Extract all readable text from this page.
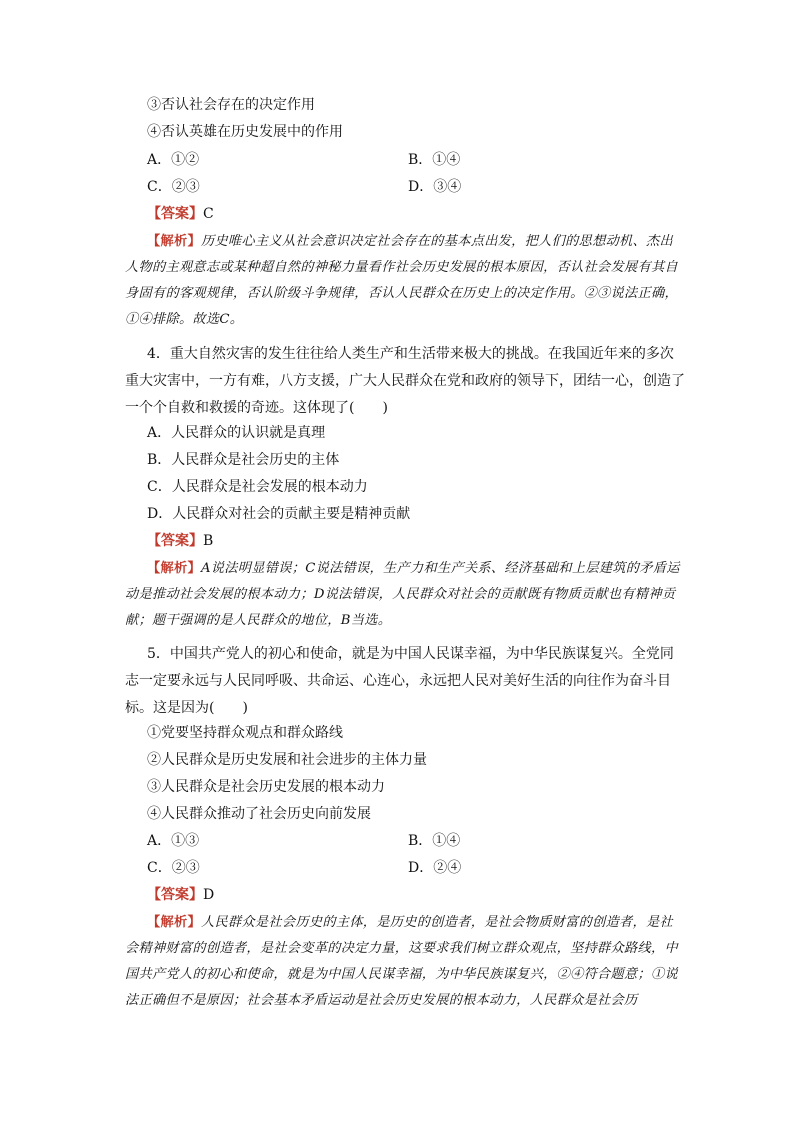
③否认社会存在的决定作用
④否认英雄在历史发展中的作用
A．①②	B．①④
C．②③	D．③④
【答案】C
【解析】历史唯心主义从社会意识决定社会存在的基本点出发，把人们的思想动机、杰出人物的主观意志或某种超自然的神秘力量看作社会历史发展的根本原因，否认社会发展有其自身固有的客观规律，否认阶级斗争规律，否认人民群众在历史上的决定作用。②③说法正确，①④排除。故选C。
4．重大自然灾害的发生往往给人类生产和生活带来极大的挑战。在我国近年来的多次重大灾害中，一方有难，八方支援，广大人民群众在党和政府的领导下，团结一心，创造了一个个自救和救援的奇迹。这体现了(　　)
A．人民群众的认识就是真理
B．人民群众是社会历史的主体
C．人民群众是社会发展的根本动力
D．人民群众对社会的贡献主要是精神贡献
【答案】B
【解析】A说法明显错误；C说法错误，生产力和生产关系、经济基础和上层建筑的矛盾运动是推动社会发展的根本动力；D说法错误，人民群众对社会的贡献既有物质贡献也有精神贡献；题干强调的是人民群众的地位，B当选。
5．中国共产党人的初心和使命，就是为中国人民谋幸福，为中华民族谋复兴。全党同志一定要永远与人民同呼吸、共命运、心连心，永远把人民对美好生活的向往作为奋斗目标。这是因为(　　)
①党要坚持群众观点和群众路线
②人民群众是历史发展和社会进步的主体力量
③人民群众是社会历史发展的根本动力
④人民群众推动了社会历史向前发展
A．①③	B．①④
C．②③	D．②④
【答案】D
【解析】人民群众是社会历史的主体，是历史的创造者，是社会物质财富的创造者，是社会精神财富的创造者，是社会变革的决定力量，这要求我们树立群众观点，坚持群众路线，中国共产党人的初心和使命，就是为中国人民谋幸福，为中华民族谋复兴，②④符合题意；①说法正确但不是原因；社会基本矛盾运动是社会历史发展的根本动力，人民群众是社会历
